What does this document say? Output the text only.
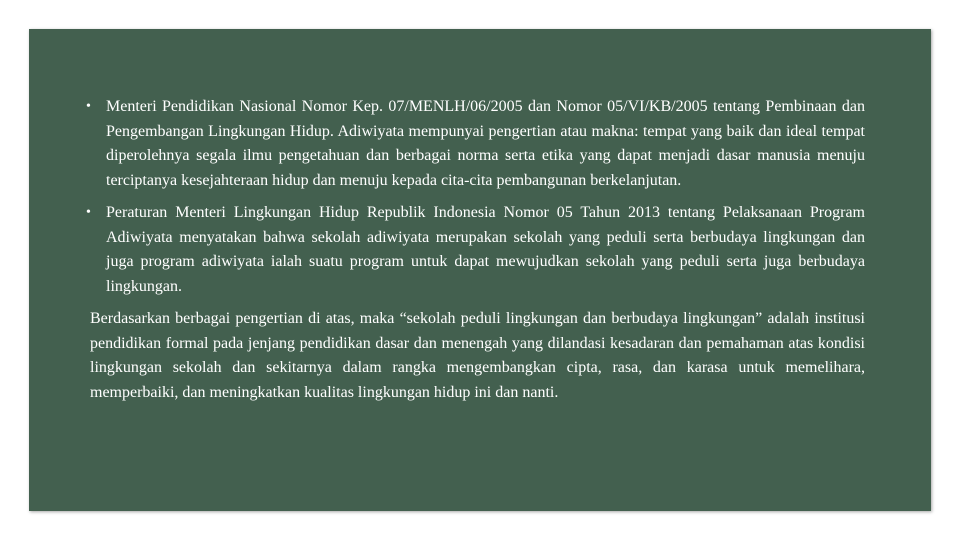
• Menteri Pendidikan Nasional Nomor Kep. 07/MENLH/06/2005 dan Nomor 05/VI/KB/2005 tentang Pembinaan dan Pengembangan Lingkungan Hidup. Adiwiyata mempunyai pengertian atau makna: tempat yang baik dan ideal tempat diperolehnya segala ilmu pengetahuan dan berbagai norma serta etika yang dapat menjadi dasar manusia menuju terciptanya kesejahteraan hidup dan menuju kepada cita-cita pembangunan berkelanjutan.
• Peraturan Menteri Lingkungan Hidup Republik Indonesia Nomor 05 Tahun 2013 tentang Pelaksanaan Program Adiwiyata menyatakan bahwa sekolah adiwiyata merupakan sekolah yang peduli serta berbudaya lingkungan dan juga program adiwiyata ialah suatu program untuk dapat mewujudkan sekolah yang peduli serta juga berbudaya lingkungan.

Berdasarkan berbagai pengertian di atas, maka “sekolah peduli lingkungan dan berbudaya lingkungan” adalah institusi pendidikan formal pada jenjang pendidikan dasar dan menengah yang dilandasi kesadaran dan pemahaman atas kondisi lingkungan sekolah dan sekitarnya dalam rangka mengembangkan cipta, rasa, dan karasa untuk memelihara, memperbaiki, dan meningkatkan kualitas lingkungan hidup ini dan nanti.
